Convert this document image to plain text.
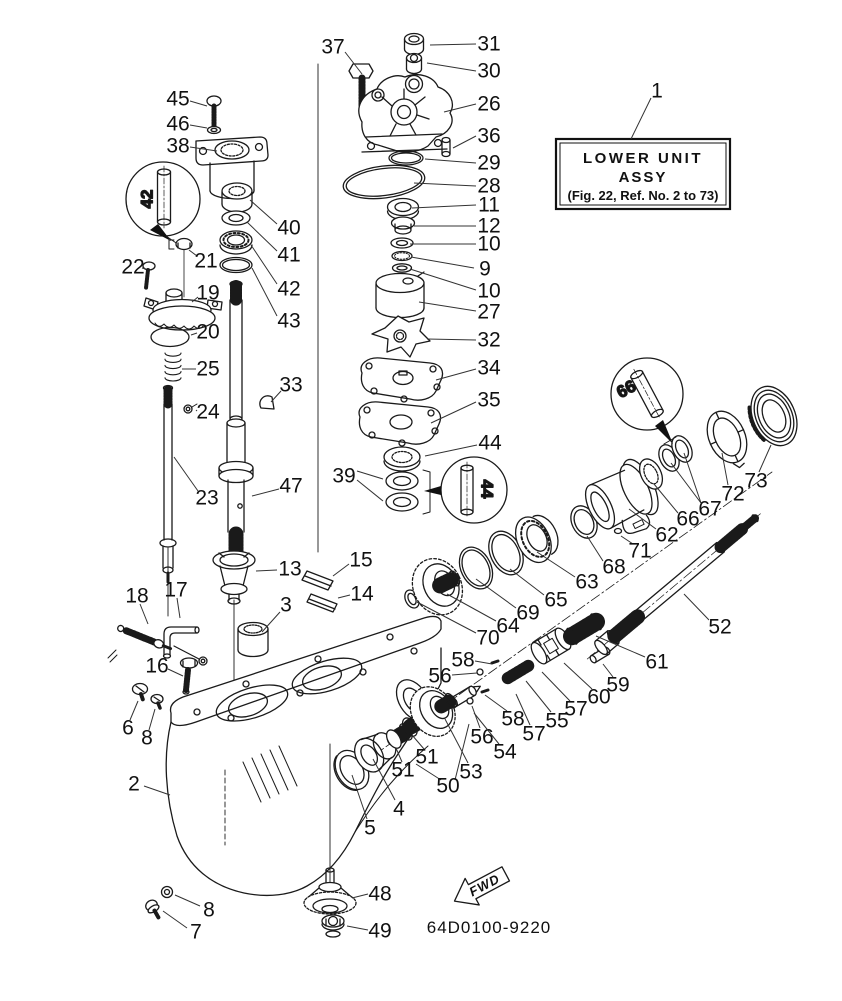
42
44
66
LOWER UNIT
ASSY
(Fig. 22, Ref. No. 2 to 73)
FWD
64D0100-9220
37	31
30
26
36
29
28
1
45
46
38
40
41
42
43
11
12
10
9
10
27
32
34
35
44
39
22 21
19
20
25
24
23
33
47
13 15
14
3
18 17
16
6 8
2
8
7
48
49
5
4
51
51
50
53
56
54
58
56
58
57
55
57
60
59
61
70
64
69
65
63
68
62
71
66
67
72
73
52
